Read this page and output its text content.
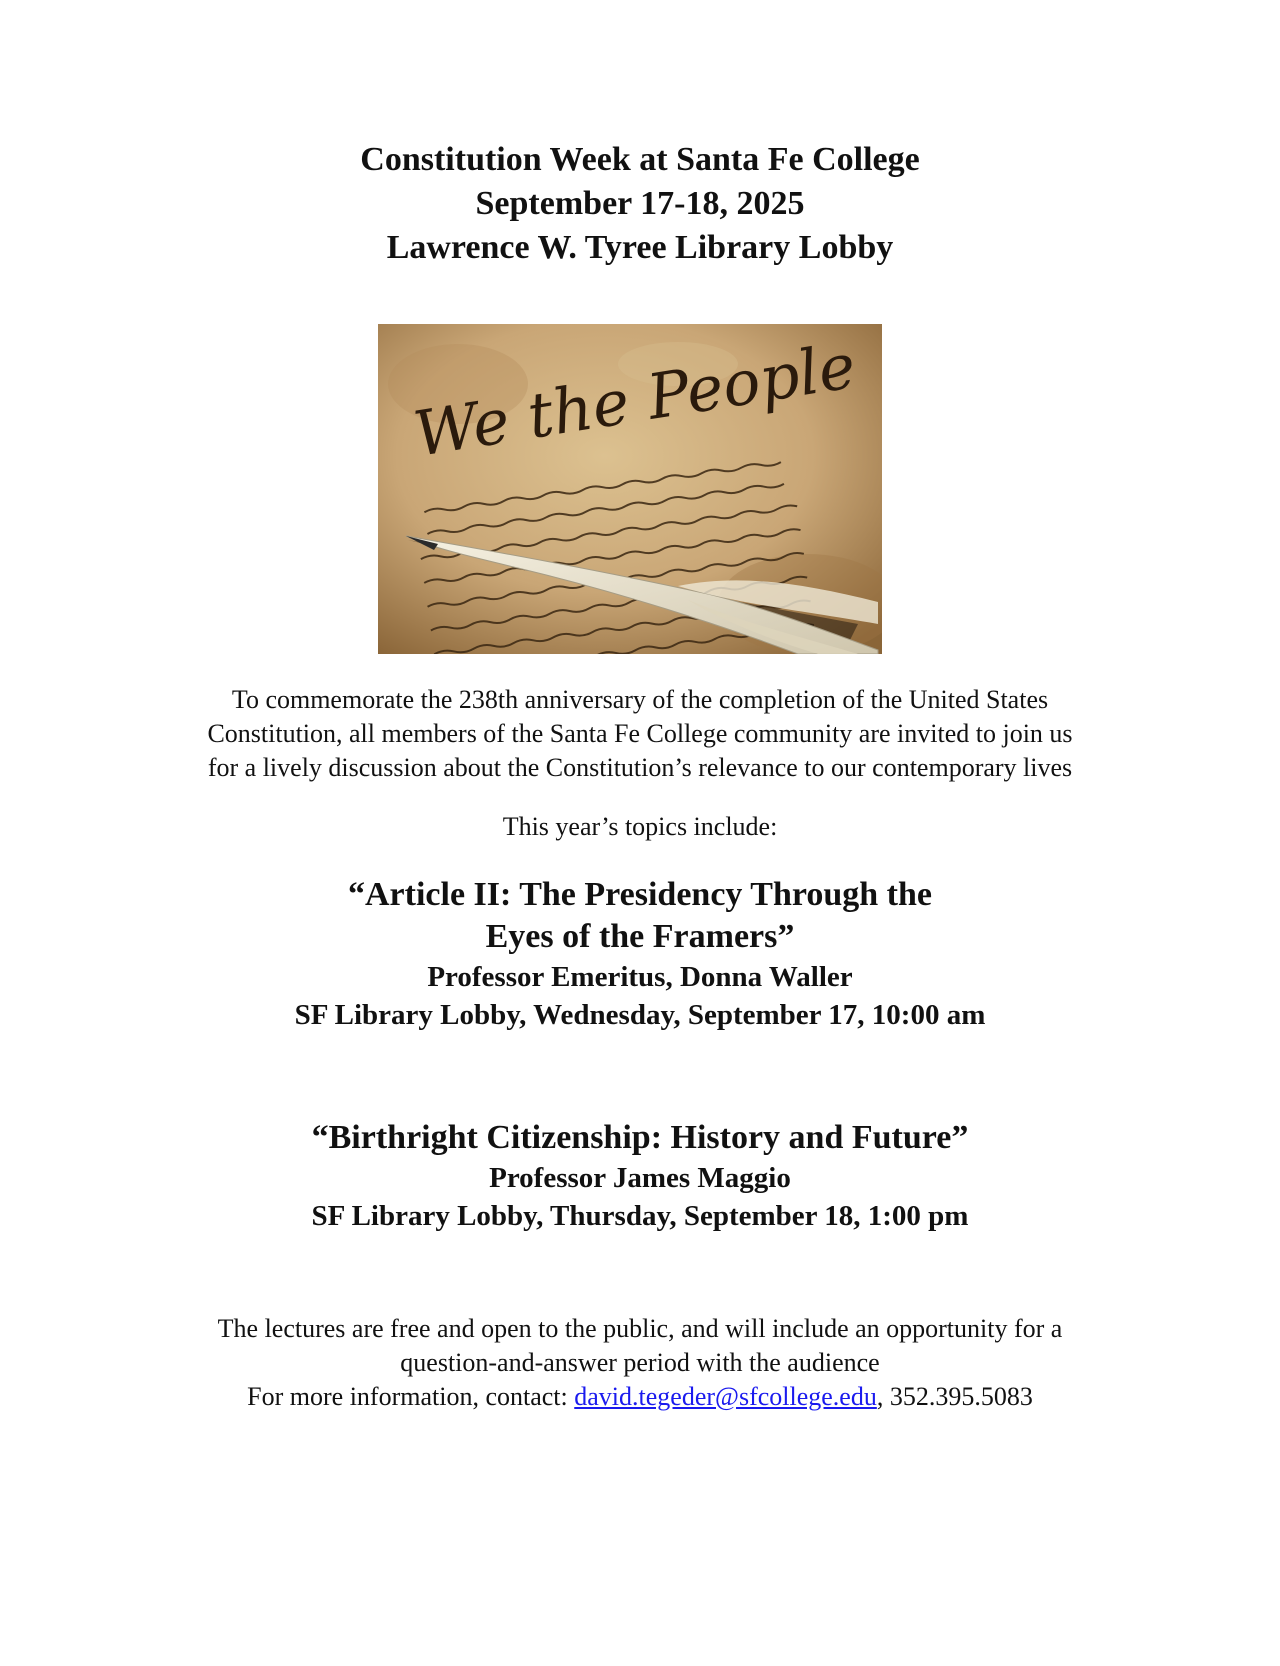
Constitution Week at Santa Fe College
September 17-18, 2025
Lawrence W. Tyree Library Lobby
We the People
To commemorate the 238th anniversary of the completion of the United States
Constitution, all members of the Santa Fe College community are invited to join us
for a lively discussion about the Constitution’s relevance to our contemporary lives
This year’s topics include:
“Article II: The Presidency Through the
Eyes of the Framers”
Professor Emeritus, Donna Waller
SF Library Lobby, Wednesday, September 17, 10:00 am
“Birthright Citizenship: History and Future”
Professor James Maggio
SF Library Lobby, Thursday, September 18, 1:00 pm
The lectures are free and open to the public, and will include an opportunity for a
question-and-answer period with the audience
For more information, contact: david.tegeder@sfcollege.edu, 352.395.5083
